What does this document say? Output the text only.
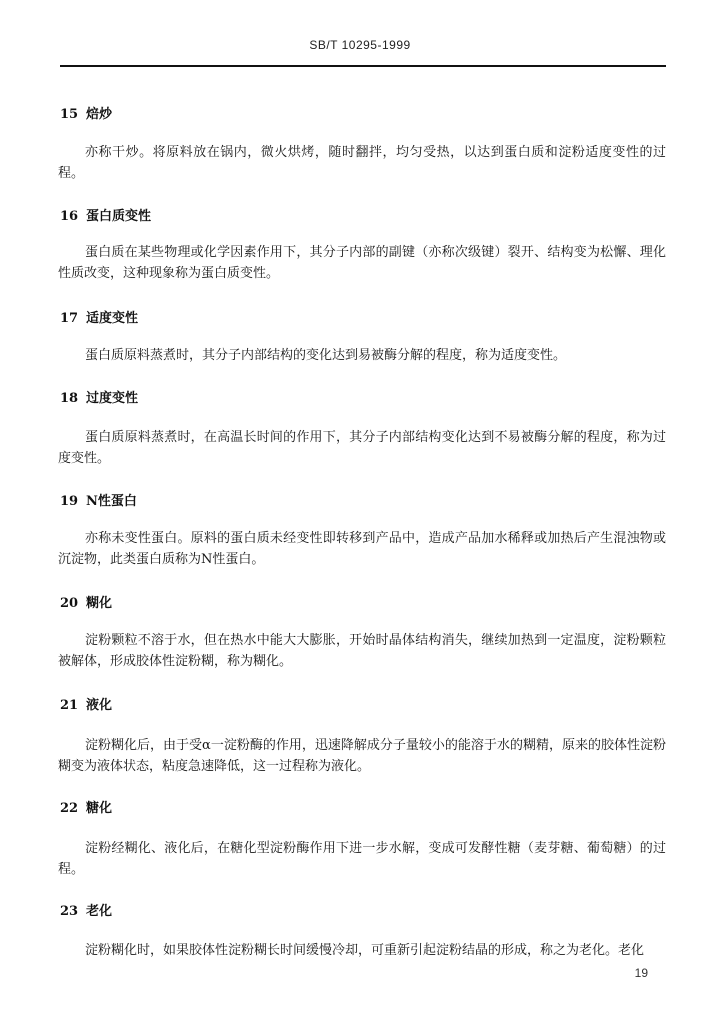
SB/T 10295-1999
15 焙炒
亦称干炒。将原料放在锅内，微火烘烤，随时翻拌，均匀受热，以达到蛋白质和淀粉适度变性的过程。
16 蛋白质变性
蛋白质在某些物理或化学因素作用下，其分子内部的副键（亦称次级键）裂开、结构变为松懈、理化性质改变，这种现象称为蛋白质变性。
17 适度变性
蛋白质原料蒸煮时，其分子内部结构的变化达到易被酶分解的程度，称为适度变性。
18 过度变性
蛋白质原料蒸煮时，在高温长时间的作用下，其分子内部结构变化达到不易被酶分解的程度，称为过度变性。
19 N性蛋白
亦称未变性蛋白。原料的蛋白质未经变性即转移到产品中，造成产品加水稀释或加热后产生混浊物或沉淀物，此类蛋白质称为N性蛋白。
20 糊化
淀粉颗粒不溶于水，但在热水中能大大膨胀，开始时晶体结构消失，继续加热到一定温度，淀粉颗粒被解体，形成胶体性淀粉糊，称为糊化。
21 液化
淀粉糊化后，由于受α一淀粉酶的作用，迅速降解成分子量较小的能溶于水的糊精，原来的胶体性淀粉糊变为液体状态，粘度急速降低，这一过程称为液化。
22 糖化
淀粉经糊化、液化后，在糖化型淀粉酶作用下进一步水解，变成可发酵性糖（麦芽糖、葡萄糖）的过程。
23 老化
淀粉糊化时，如果胶体性淀粉糊长时间缓慢冷却，可重新引起淀粉结晶的形成，称之为老化。老化
19
